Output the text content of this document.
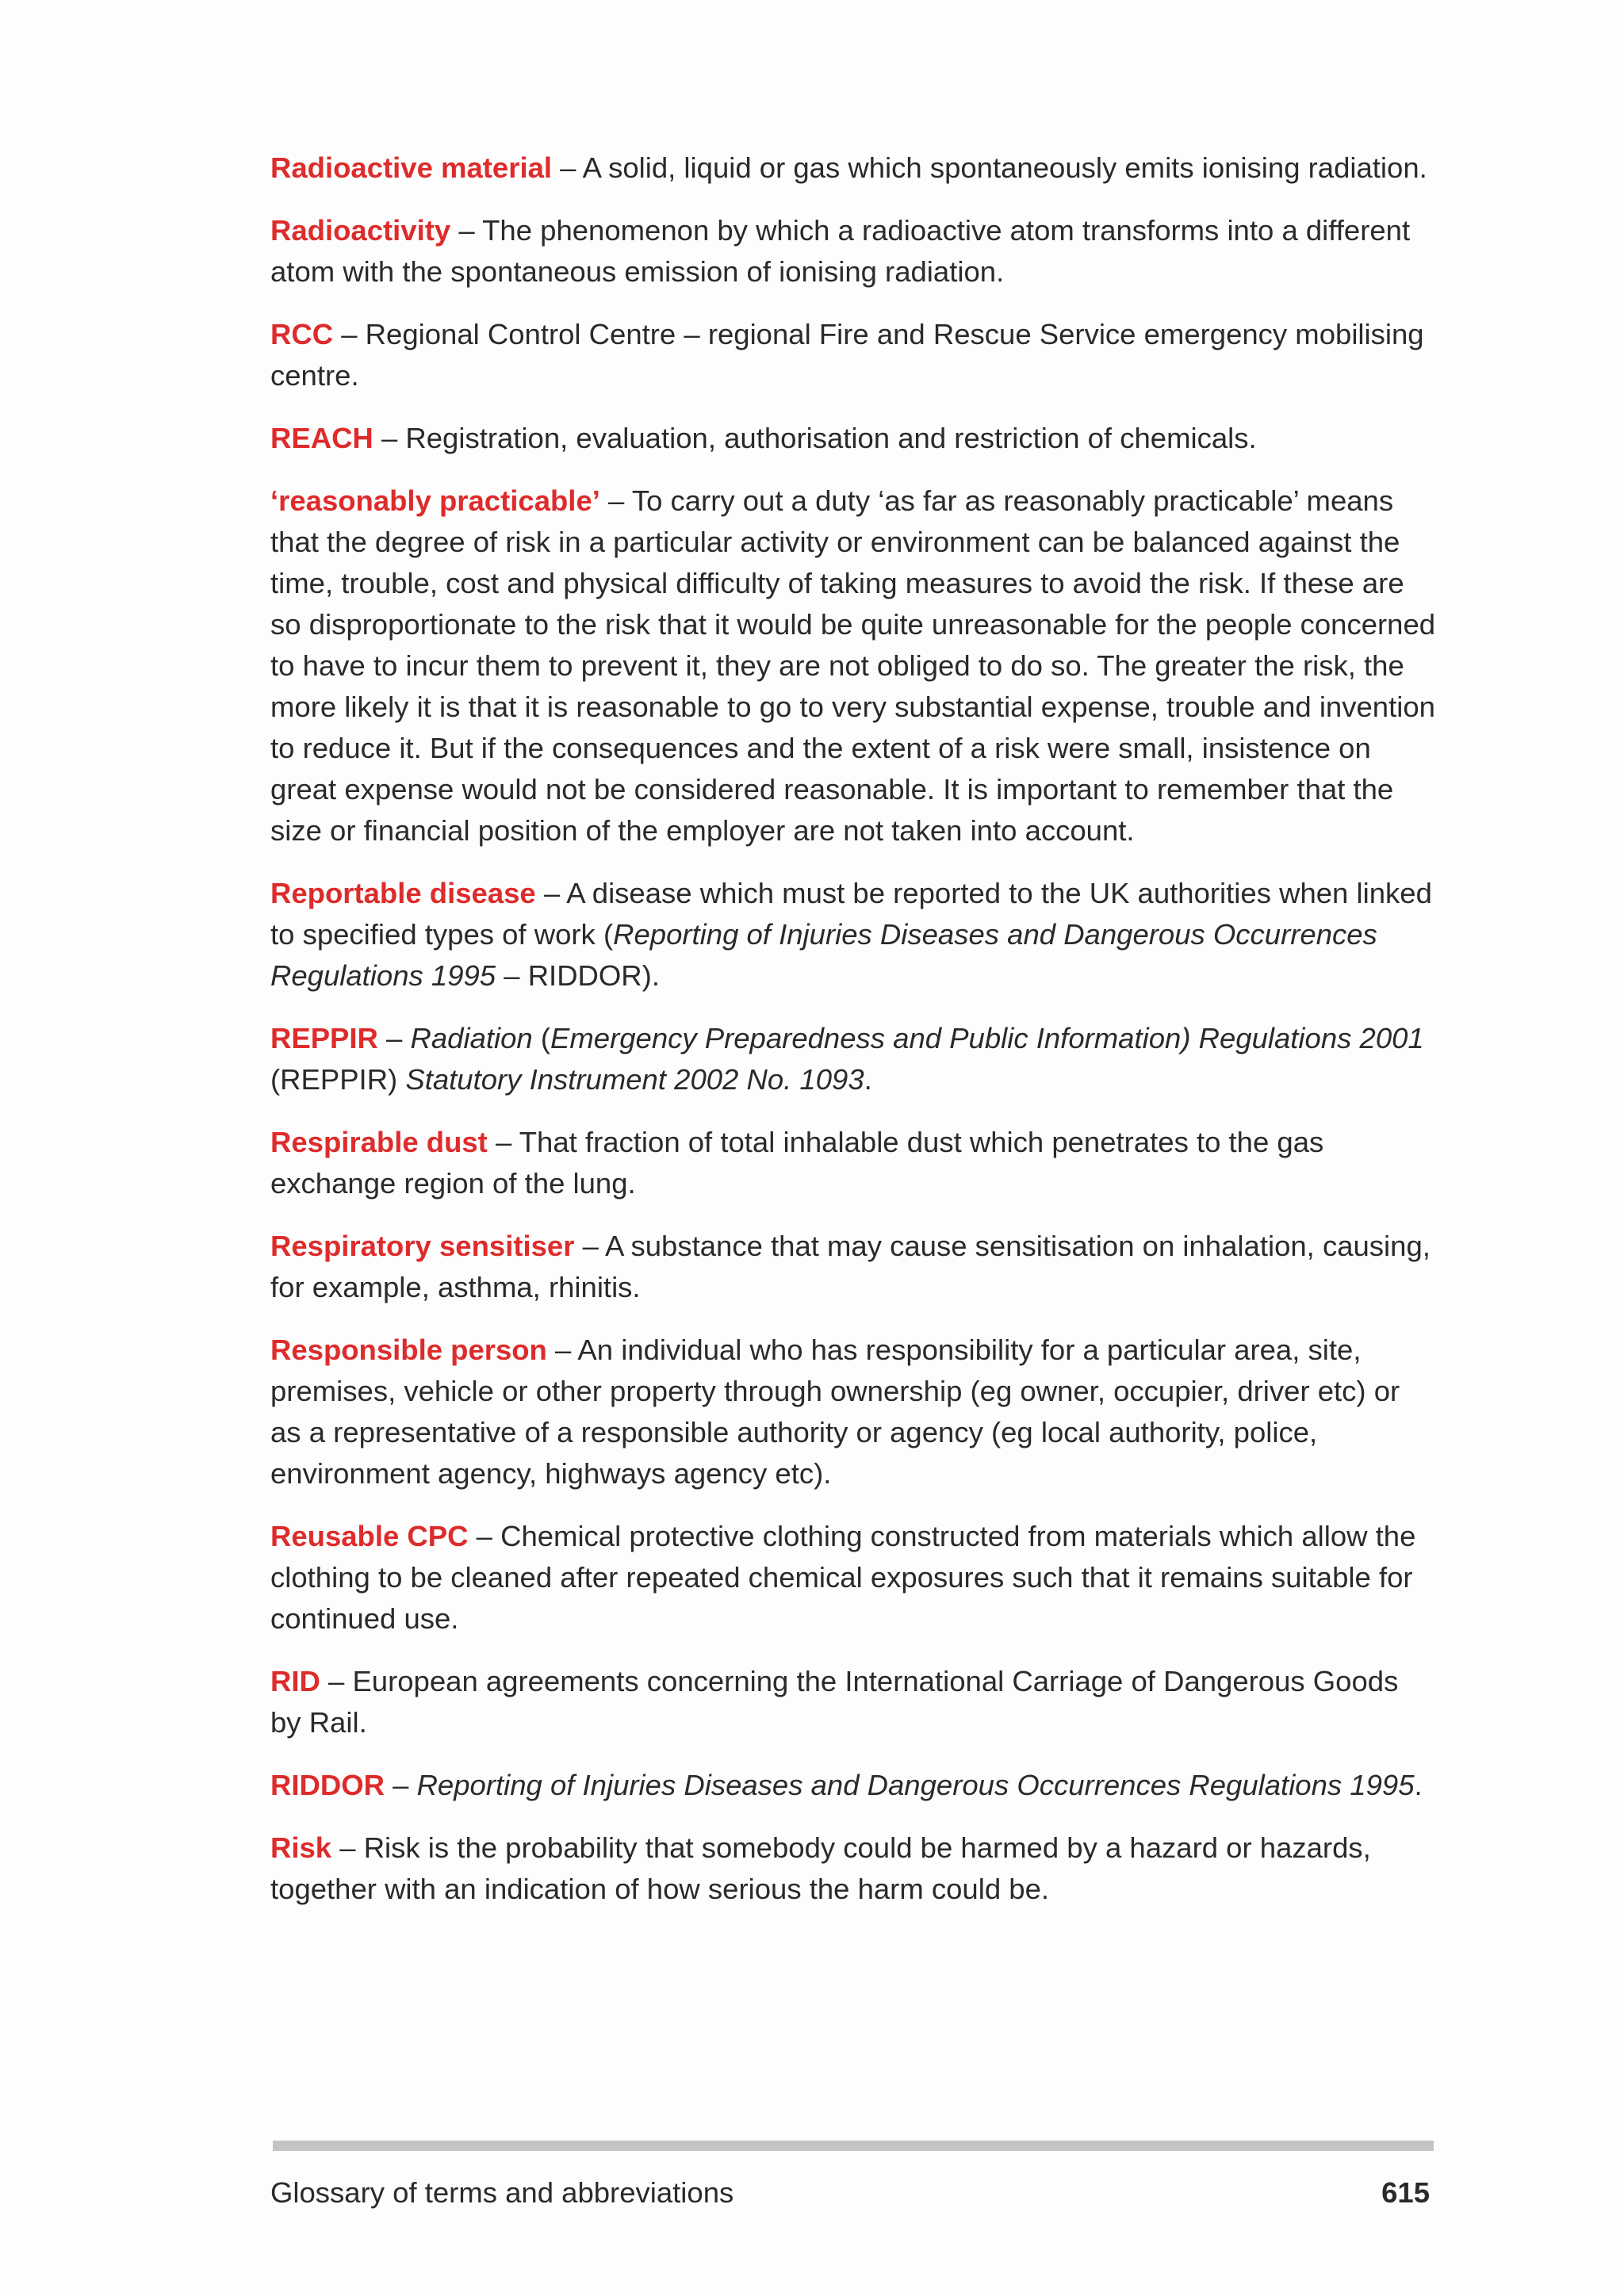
Radioactive material – A solid, liquid or gas which spontaneously emits ionising radiation.

Radioactivity – The phenomenon by which a radioactive atom transforms into a different atom with the spontaneous emission of ionising radiation.

RCC – Regional Control Centre – regional Fire and Rescue Service emergency mobilising centre.

REACH – Registration, evaluation, authorisation and restriction of chemicals.

‘reasonably practicable’ – To carry out a duty ‘as far as reasonably practicable’ means that the degree of risk in a particular activity or environment can be balanced against the time, trouble, cost and physical difficulty of taking measures to avoid the risk. If these are so disproportionate to the risk that it would be quite unreasonable for the people concerned to have to incur them to prevent it, they are not obliged to do so. The greater the risk, the more likely it is that it is reasonable to go to very substantial expense, trouble and invention to reduce it. But if the consequences and the extent of a risk were small, insistence on great expense would not be considered reasonable. It is important to remember that the size or financial position of the employer are not taken into account.

Reportable disease – A disease which must be reported to the UK authorities when linked to specified types of work (Reporting of Injuries Diseases and Dangerous Occurrences Regulations 1995 – RIDDOR).

REPPIR – Radiation (Emergency Preparedness and Public Information) Regulations 2001 (REPPIR) Statutory Instrument 2002 No. 1093.

Respirable dust – That fraction of total inhalable dust which penetrates to the gas exchange region of the lung.

Respiratory sensitiser – A substance that may cause sensitisation on inhalation, causing, for example, asthma, rhinitis.

Responsible person – An individual who has responsibility for a particular area, site, premises, vehicle or other property through ownership (eg owner, occupier, driver etc) or as a representative of a responsible authority or agency (eg local authority, police, environment agency, highways agency etc).

Reusable CPC – Chemical protective clothing constructed from materials which allow the clothing to be cleaned after repeated chemical exposures such that it remains suitable for continued use.

RID – European agreements concerning the International Carriage of Dangerous Goods by Rail.

RIDDOR – Reporting of Injuries Diseases and Dangerous Occurrences Regulations 1995.

Risk – Risk is the probability that somebody could be harmed by a hazard or hazards, together with an indication of how serious the harm could be.

Glossary of terms and abbreviations	615
